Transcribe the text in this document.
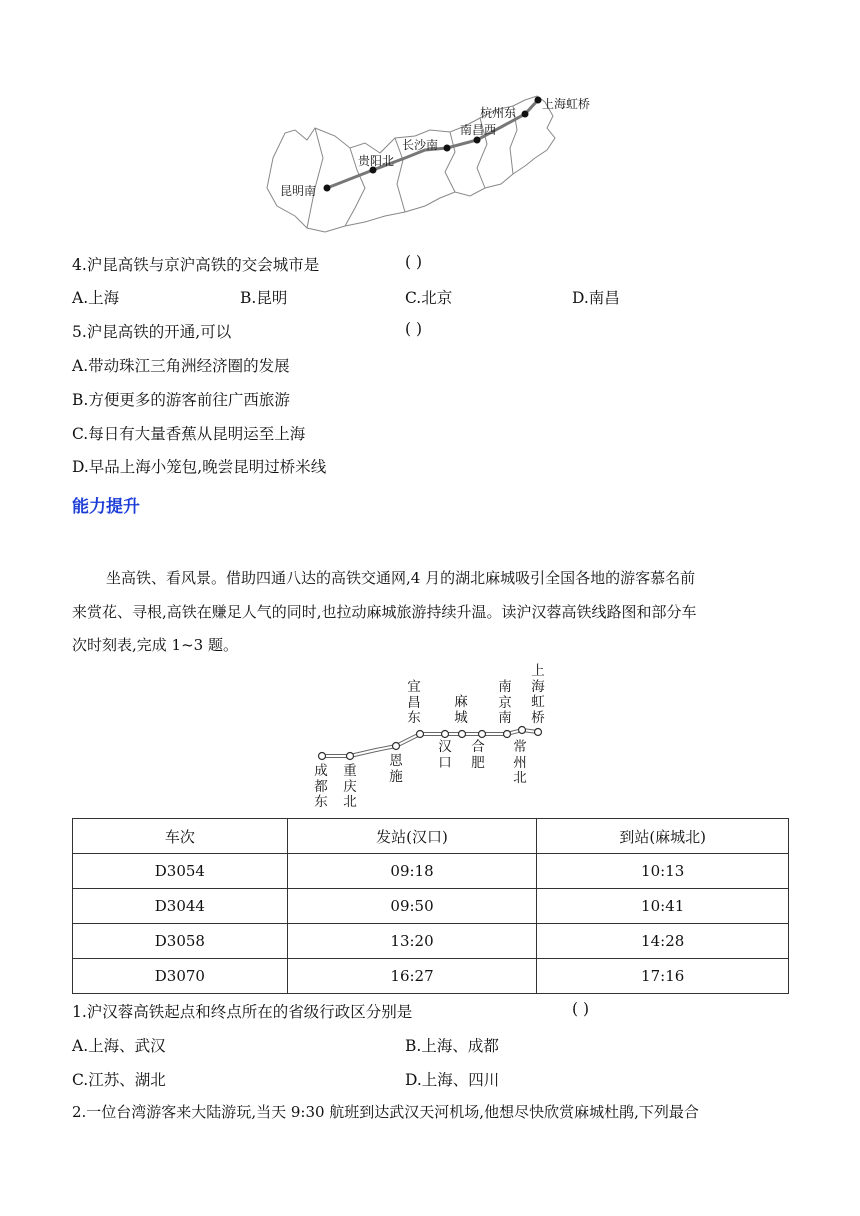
昆明南
贵阳北
长沙南
南昌西
杭州东
上海虹桥
4.沪昆高铁与京沪高铁的交会城市是	( )
A.上海	B.昆明	C.北京	D.南昌
5.沪昆高铁的开通,可以	( )
A.带动珠江三角洲经济圈的发展
B.方便更多的游客前往广西旅游
C.每日有大量香蕉从昆明运至上海
D.早品上海小笼包,晚尝昆明过桥米线
能力提升
坐高铁、看风景。借助四通八达的高铁交通网,4 月的湖北麻城吸引全国各地的游客慕名前
来赏花、寻根,高铁在赚足人气的同时,也拉动麻城旅游持续升温。读沪汉蓉高铁线路图和部分车
次时刻表,完成 1~3 题。
成都东
重庆北
恩施
宜昌东
汉口
麻城
合肥
南京南
常州北
上海虹桥
车次	发站(汉口)	到站(麻城北)
D3054	09:18	10:13
D3044	09:50	10:41
D3058	13:20	14:28
D3070	16:27	17:16
1.沪汉蓉高铁起点和终点所在的省级行政区分别是	( )
A.上海、武汉	B.上海、成都
C.江苏、湖北	D.上海、四川
2.一位台湾游客来大陆游玩,当天 9:30 航班到达武汉天河机场,他想尽快欣赏麻城杜鹃,下列最合
